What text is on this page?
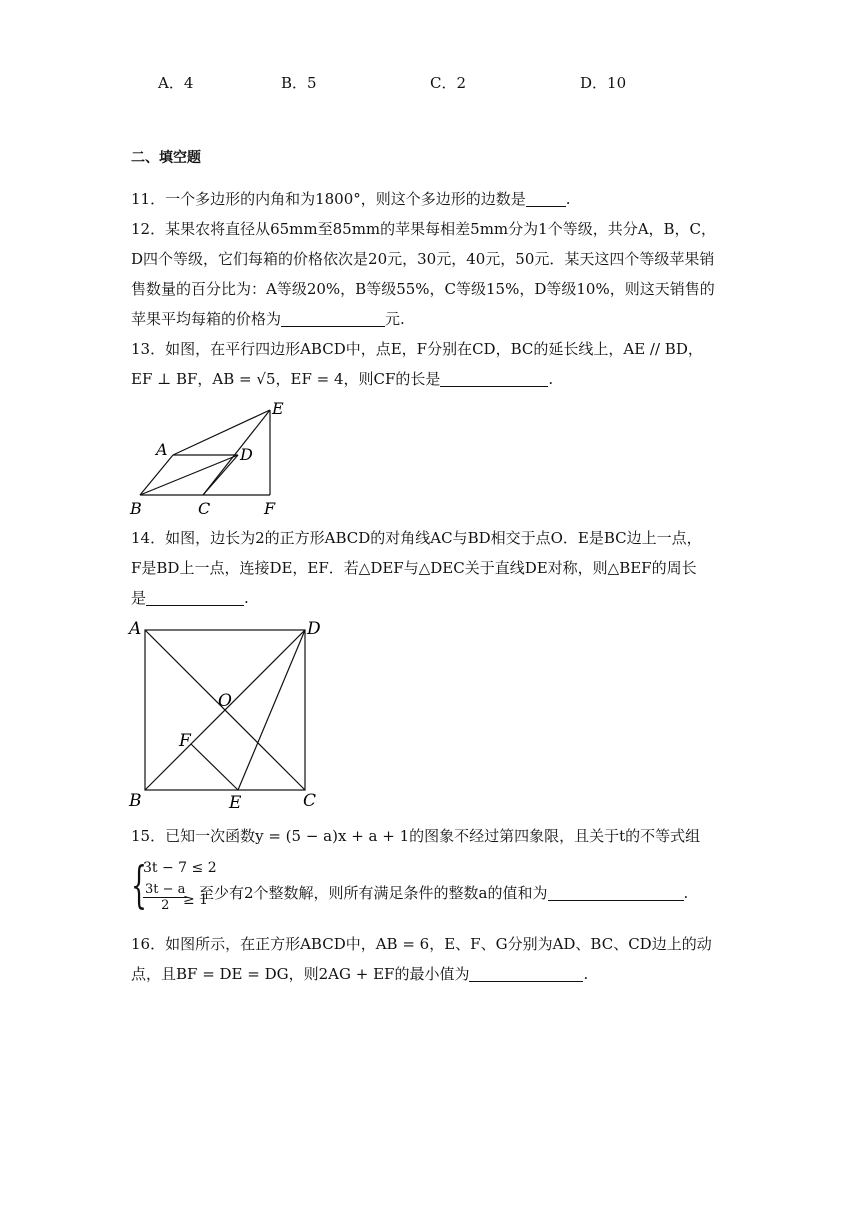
A．4	B．5	C．2	D．10
二、填空题
11．一个多边形的内角和为1800°，则这个多边形的边数是	.
12．某果农将直径从65mm至85mm的苹果每相差5mm分为1个等级，共分A，B，C，
D四个等级，它们每箱的价格依次是20元，30元，40元，50元．某天这四个等级苹果销
售数量的百分比为：A等级20%，B等级55%，C等级15%，D等级10%，则这天销售的
苹果平均每箱的价格为	元.
13．如图，在平行四边形ABCD中，点E，F分别在CD，BC的延长线上，AE // BD，
EF ⊥ BF，AB = √5，EF = 4，则CF的长是	.
E
A	D
B	C	F
14．如图，边长为2的正方形ABCD的对角线AC与BD相交于点O．E是BC边上一点，
F是BD上一点，连接DE，EF．若△DEF与△DEC关于直线DE对称，则△BEF的周长
是	.
A	D
O
F
B	E	C
15．已知一次函数y = (5 − a)x + a + 1的图象不经过第四象限，且关于t的不等式组
{
3t − 7 ≤ 2
$\frac{3t - a}{2}$
≥ 1
至少有2个整数解，则所有满足条件的整数a的值和为	.
16．如图所示，在正方形ABCD中，AB = 6，E、F、G分别为AD、BC、CD边上的动
点，且BF = DE = DG，则2AG + EF的最小值为	.
